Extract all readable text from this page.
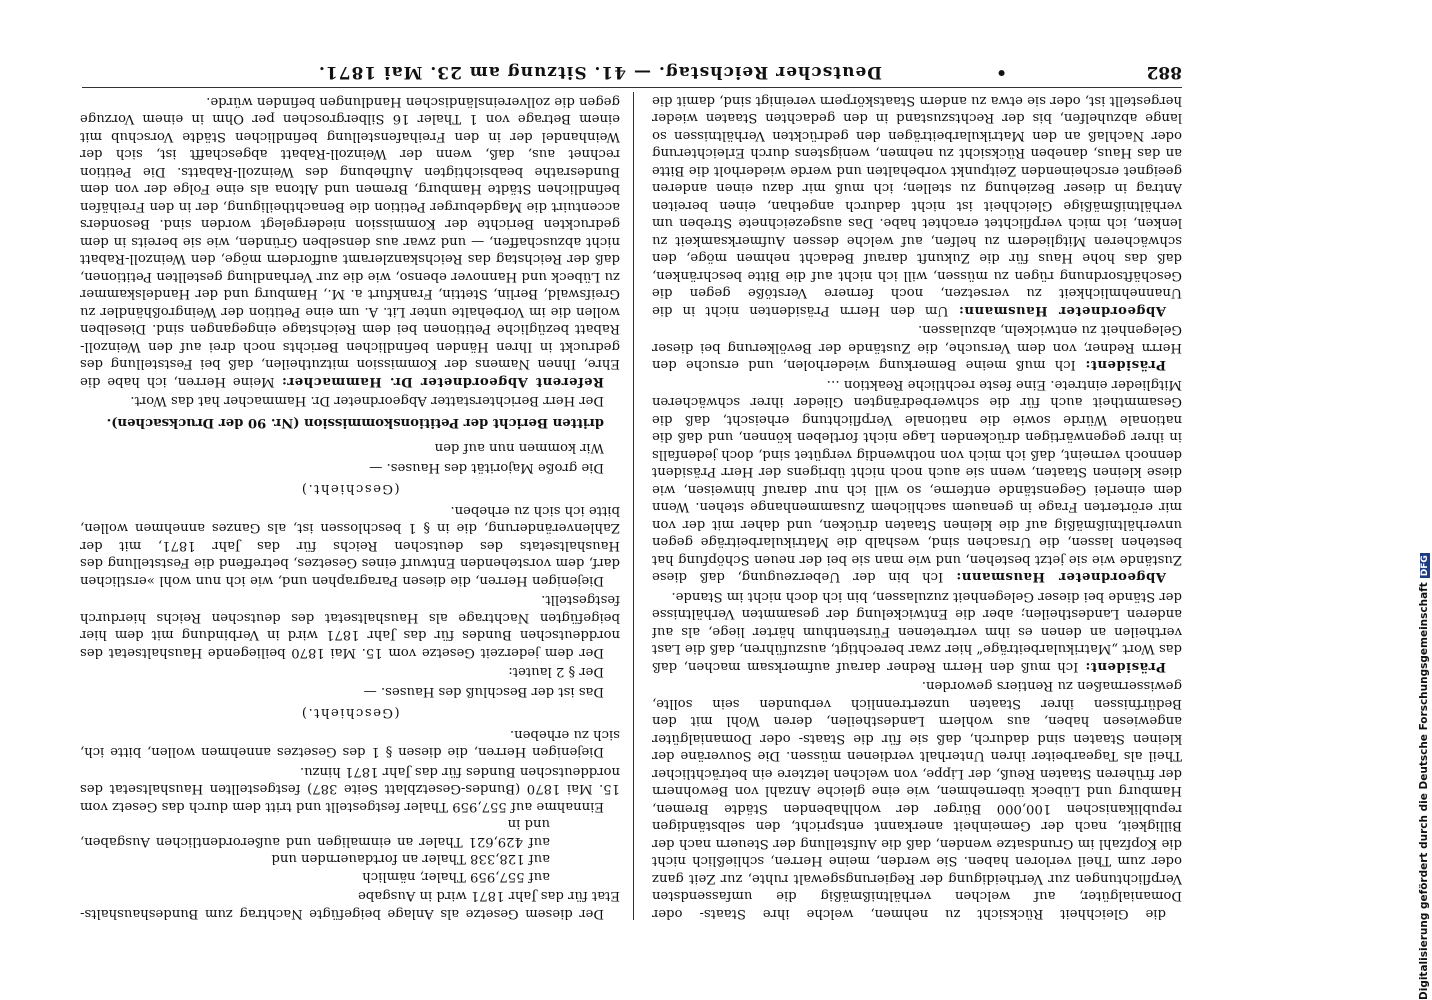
882
•
Deutscher Reichstag. — 41. Sitzung am 23. Mai 1871.

die Gleichheit Rücksicht zu nehmen, welche ihre Staats- oder Domanialgüter, auf welchen verhältnißmäßig die umfassendsten Verpflichtungen zur Vertheidigung der Regierungsgewalt ruhte, zur Zeit ganz oder zum Theil verloren haben. Sie werden, meine Herren, schließlich nicht die Kopfzahl im Grundsatze wenden, daß die Aufstellung der Steuern nach der Billigkeit, nach der Gemeinheit anerkannt entspricht, den selbständigen republikanischen 100,000 Bürger der wohlhabenden Städte Bremen, Hamburg und Lübeck übernehmen, wie eine gleiche Anzahl von Bewohnern der früheren Staaten Reuß, der Lippe, von welchen letztere ein beträchtlicher Theil als Tagearbeiter ihren Unterhalt verdienen müssen. Die Souveräne der kleinen Staaten sind dadurch, daß sie für die Staats- oder Domanialgüter angewiesen haben, aus wohlern Landestheilen, deren Wohl mit den Bedürfnissen ihrer Staaten unzertrennlich verbunden sein sollte, gewissermaßen zu Rentiers geworden.

Präsident: Ich muß den Herrn Redner darauf aufmerksam machen, daß das Wort „Matrikularbeiträge“ hier zwar berechtigt, auszuführen, daß die Last vertheilen an denen es ihm vertretenen Fürstenthum härter liege, als auf anderen Landestheilen; aber die Entwickelung der gesammten Verhältnisse der Stände bei dieser Gelegenheit zuzulassen, bin ich doch nicht im Stande.

Abgeordneter Hausmann: Ich bin der Ueberzeugung, daß diese Zustände wie sie jetzt bestehen, und wie man sie bei der neuen Schöpfung hat bestehen lassen, die Ursachen sind, weshalb die Matrikularbeiträge gegen unverhältnißmäßig auf die kleinen Staaten drücken, und daher mit der von mir erörterten Frage in genauem sachlichem Zusammenhange stehen. Wenn dem einerlei Gegenstände entferne, so will ich nur darauf hinweisen, wie diese kleinen Staaten, wenn sie auch noch nicht übrigens der Herr Präsident dennoch verneint, daß ich mich von nothwendig vergütet sind, doch jedenfalls in ihrer gegenwärtigen drückenden Lage nicht fortleben können, und daß die nationale Würde sowie die nationale Verpflichtung erheischt, daß die Gesammtheit auch für die schwerbedrängten Glieder ihrer schwächeren Mitglieder eintrete. Eine feste rechtliche Reaktion …

Präsident: Ich muß meine Bemerkung wiederholen, und ersuche den Herrn Redner, von dem Versuche, die Zustände der Bevölkerung bei dieser Gelegenheit zu entwickeln, abzulassen.

Abgeordneter Hausmann: Um den Herrn Präsidenten nicht in die Unannehmlichkeit zu versetzen, noch fernere Verstöße gegen die Geschäftsordnung rügen zu müssen, will ich nicht auf die Bitte beschränken, daß das hohe Haus für die Zukunft darauf Bedacht nehmen möge, den schwächeren Mitgliedern zu helfen, auf welche dessen Aufmerksamkeit zu lenken, ich mich verpflichtet erachtet habe. Das ausgezeichnete Streben um verhältnißmäßige Gleichheit ist nicht dadurch angethan, einen bereiten Antrag in dieser Beziehung zu stellen; ich muß mir dazu einen anderen geeignet erscheinenden Zeitpunkt vorbehalten und werde wiederholt die Bitte an das Haus, daneben Rücksicht zu nehmen, wenigstens durch Erleichterung oder Nachlaß an den Matrikularbeiträgen den gedrückten Verhältnissen so lange abzuhelfen, bis der Rechtszustand in den gedachten Staaten wieder hergestellt ist, oder sie etwa zu andern Staatskörpern vereinigt sind, damit die

Der diesem Gesetze als Anlage beigefügte Nachtrag zum Bundeshaushalts-Etat für das Jahr 1871 wird in Ausgabe

auf 557,959 Thaler, nämlich

auf 128,338 Thaler an fortdauernden und

auf 429,621 Thaler an einmaligen und außerordentlichen Ausgaben, und in

Einnahme auf 557,959 Thaler festgestellt und tritt dem durch das Gesetz vom 15. Mai 1870 (Bundes-Gesetzblatt Seite 387) festgestellten Haushaltsetat des norddeutschen Bundes für das Jahr 1871 hinzu.

Diejenigen Herren, die diesen § 1 des Gesetzes annehmen wollen, bitte ich, sich zu erheben.

(Geschieht.)

Das ist der Beschluß des Hauses. —

Der § 2 lautet:

Der dem jederzeit Gesetze vom 15. Mai 1870 beiliegende Haushaltsetat des norddeutschen Bundes für das Jahr 1871 wird in Verbindung mit dem hier beigefügten Nachtrage als Haushaltsetat des deutschen Reichs hierdurch festgestellt.

Diejenigen Herren, die diesen Paragraphen und, wie ich nun wohl »erstlichen darf, dem vorstehenden Entwurf eines Gesetzes, betreffend die Feststellung des Haushaltsetats des deutschen Reichs für das Jahr 1871, mit der Zahlenveränderung, die in § 1 beschlossen ist, als Ganzes annehmen wollen, bitte ich sich zu erheben.

(Geschieht.)

Die große Majorität des Hauses. —

Wir kommen nun auf den

dritten Bericht der Petitionskommission (Nr. 90 der Drucksachen).

Der Herr Berichterstatter Abgeordneter Dr. Hammacher hat das Wort.

Referent Abgeordneter Dr. Hammacher: Meine Herren, ich habe die Ehre, Ihnen Namens der Kommission mitzutheilen, daß bei Feststellung des gedruckt in Ihren Händen befindlichen Berichts noch drei auf den Weinzoll-Rabatt bezügliche Petitionen bei dem Reichstage eingegangen sind. Dieselben wollen die im Vorbehalte unter Lit. A. um eine Petition der Weingroßhändler zu Greifswald, Berlin, Stettin, Frankfurt a. M., Hamburg und der Handelskammer zu Lübeck und Hannover ebenso, wie die zur Verhandlung gestellten Petitionen, daß der Reichstag das Reichskanzleramt auffordern möge, den Weinzoll-Rabatt nicht abzuschaffen, — und zwar aus denselben Gründen, wie sie bereits in dem gedruckten Berichte der Kommission niedergelegt worden sind. Besonders accentuirt die Magdeburger Petition die Benachtheiligung, der in den Freihäfen befindlichen Städte Hamburg, Bremen und Altona als eine Folge der von dem Bundesrathe beabsichtigten Aufhebung des Weinzoll-Rabatts. Die Petition rechnet aus, daß, wenn der Weinzoll-Rabatt abgeschafft ist, sich der Weinhandel der in den Freihafenstellung befindlichen Städte Vorschub mit einem Betrage von 1 Thaler 16 Silbergroschen per Ohm in einem Vorzuge gegen die zollvereinsländischen Handlungen befinden würde.

Digitalisierung gefördert durch die Deutsche ForschungsgemeinschaftDFG
